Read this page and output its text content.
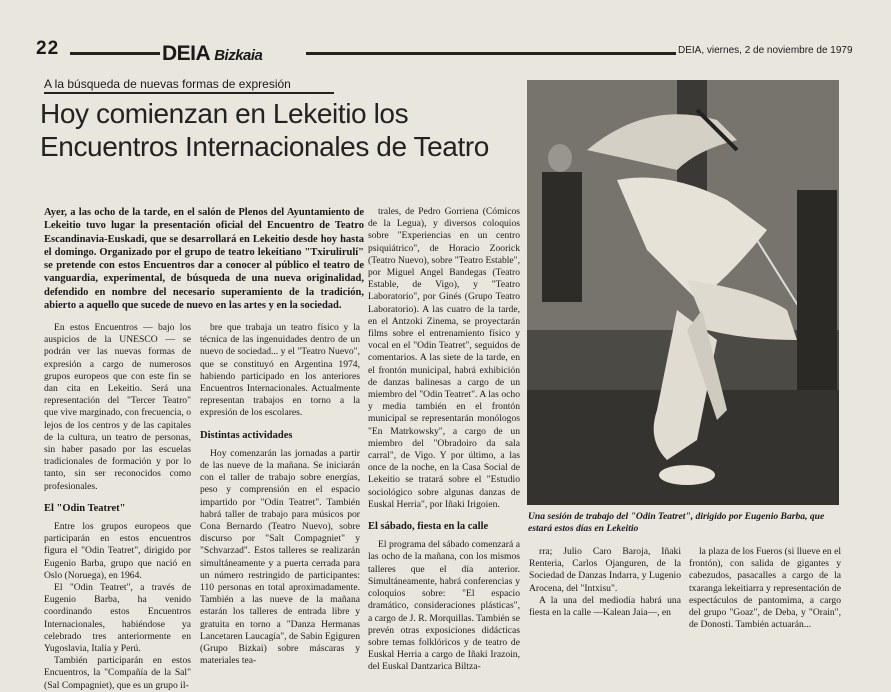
22	DEIA Bizkaia	DEIA, viernes, 2 de noviembre de 1979
A la búsqueda de nuevas formas de expresión
Hoy comienzan en Lekeitio los Encuentros Internacionales de Teatro
Ayer, a las ocho de la tarde, en el salón de Plenos del Ayuntamiento de Lekeitio tuvo lugar la presentación oficial del Encuentro de Teatro Escandinavia-Euskadi, que se desarrollará en Lekeitio desde hoy hasta el domingo. Organizado por el grupo de teatro lekeitiano "Txirulirulí" se pretende con estos Encuentros dar a conocer al público el teatro de vanguardia, experimental, de búsqueda de una nueva originalidad, defendido en nombre del necesario superamiento de la tradición, abierto a aquello que sucede de nuevo en las artes y en la sociedad.

En estos Encuentros — bajo los auspicios de la UNESCO — se podrán ver las nuevas formas de expresión a cargo de numerosos grupos europeos que con este fin se dan cita en Lekeitio. Será una representación del "Tercer Teatro" que vive marginado, con frecuencia, o lejos de los centros y de las capitales de la cultura, un teatro de personas, sin haber pasado por las escuelas tradicionales de formación y por lo tanto, sin ser reconocidos como profesionales.

El "Odin Teatret"

Entre los grupos europeos que participarán en estos encuentros figura el "Odin Teatret", dirigido por Eugenio Barba, grupo que nació en Oslo (Noruega), en 1964.

El "Odin Teatret", a través de Eugenio Barba, ha venido coordinando estos Encuentros Internacionales, habiéndose ya celebrado tres anteriormente en Yugoslavia, Italia y Perú.

También participarán en estos Encuentros, la "Compañía de la Sal" (Sal Compagniet), que es un grupo il-

bre que trabaja un teatro físico y la técnica de las ingenuidades dentro de un nuevo de sociedad... y el "Teatro Nuevo", que se constituyó en Argentina 1974, habiendo participado en los anteriores Encuentros Internacionales. Actualmente representan trabajos en torno a la expresión de los escolares.

Distintas actividades

Hoy comenzarán las jornadas a partir de las nueve de la mañana. Se iniciarán con el taller de trabajo sobre energías, peso y comprensión en el espacio impartido por "Odin Teatret". También habrá taller de trabajo para músicos por Cona Bernardo (Teatro Nuevo), sobre discurso por "Salt Compagniet" y "Schvarzad". Estos talleres se realizarán simultáneamente y a puerta cerrada para un número restringido de participantes: 110 personas en total aproximadamente. También a las nueve de la mañana estarán los talleres de entrada libre y gratuita en torno a "Danza Hermanas Lancetaren Laucagía", de Sabin Egiguren (Grupo Bizkai) sobre máscaras y materiales tea-

trales, de Pedro Gorriena (Cómicos de la Legua), y diversos coloquios sobre "Experiencias en un centro psiquiátrico", de Horacio Zoorick (Teatro Nuevo), sobre "Teatro Estable", por Miguel Angel Bandegas (Teatro Estable, de Vigo), y "Teatro Laboratorio", por Ginés (Grupo Teatro Laboratorio). A las cuatro de la tarde, en el Antzoki Zinema, se proyectarán films sobre el entrenamiento físico y vocal en el "Odin Teatret", seguidos de comentarios. A las siete de la tarde, en el frontón municipal, habrá exhibición de danzas balinesas a cargo de un miembro del "Odin Teatret". A las ocho y media también en el frontón municipal se representarán monólogos "En Matrkowsky", a cargo de un miembro del "Obradoiro da sala carral", de Vigo. Y por último, a las once de la noche, en la Casa Social de Lekeitio se tratará sobre el "Estudio sociológico sobre algunas danzas de Euskal Herria", por Iñaki Irigoien.

El sábado, fiesta en la calle

El programa del sábado comenzará a las ocho de la mañana, con los mismos talleres que el día anterior. Simultáneamente, habrá conferencias y coloquios sobre: "El espacio dramático, consideraciones plásticas", a cargo de J. R. Morquillas. También se prevén otras exposiciones didácticas sobre temas folklóricos y de teatro de Euskal Herria a cargo de Iñaki Irazoin, del Euskal Dantzarica Biltza-

Una sesión de trabajo del "Odin Teatret", dirigido por Eugenio Barba, que estará estos días en Lekeitio

rra; Julio Caro Baroja, Iñaki Renteria, Carlos Ojanguren, de la Sociedad de Danzas Indarra, y Lugenio Arocena, del "Intxisu".

A la una del mediodía habrá una fiesta en la calle —Kalean Jaia—, en

la plaza de los Fueros (si llueve en el frontón), con salida de gigantes y cabezudos, pasacalles a cargo de la txaranga lekeitiarra y representación de espectáculos de pantomima, a cargo del grupo "Goaz", de Deba, y "Orain", de Donosti. También actuarán...
